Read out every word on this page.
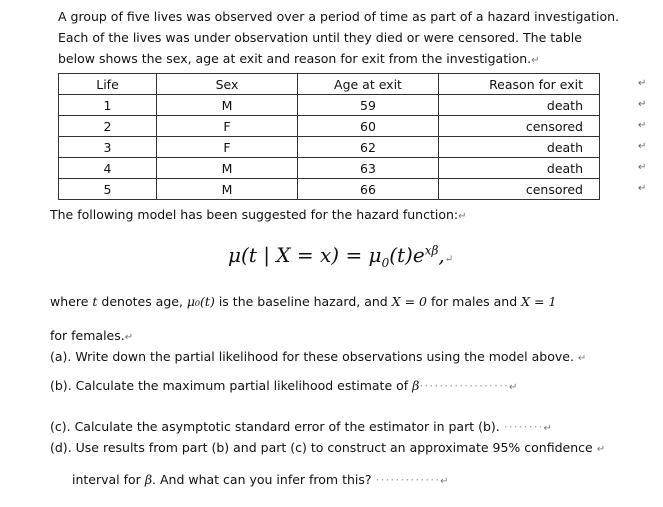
A group of five lives was observed over a period of time as part of a hazard investigation.

Each of the lives was under observation until they died or were censored. The table

below shows the sex, age at exit and reason for exit from the investigation.↵

Life	Sex	Age at exit	Reason for exit
1	M	59	death
2	F	60	censored
3	F	62	death
4	M	63	death
5	M	66	censored
↵
↵
↵
↵
↵
↵
The following model has been suggested for the hazard function:↵
μ(t | $X = x) = \mu_0(t)e^{x\beta},↵$
where t denotes age, μ₀(t) is the baseline hazard, and X = 0 for males and X = 1
for females.↵
(a). Write down the partial likelihood for these observations using the model above. ↵
(b). Calculate the maximum partial likelihood estimate of β··················↵
(c). Calculate the asymptotic standard error of the estimator in part (b). ········↵
(d). Use results from part (b) and part (c) to construct an approximate 95% confidence ↵
interval for β. And what can you infer from this? ·············↵
